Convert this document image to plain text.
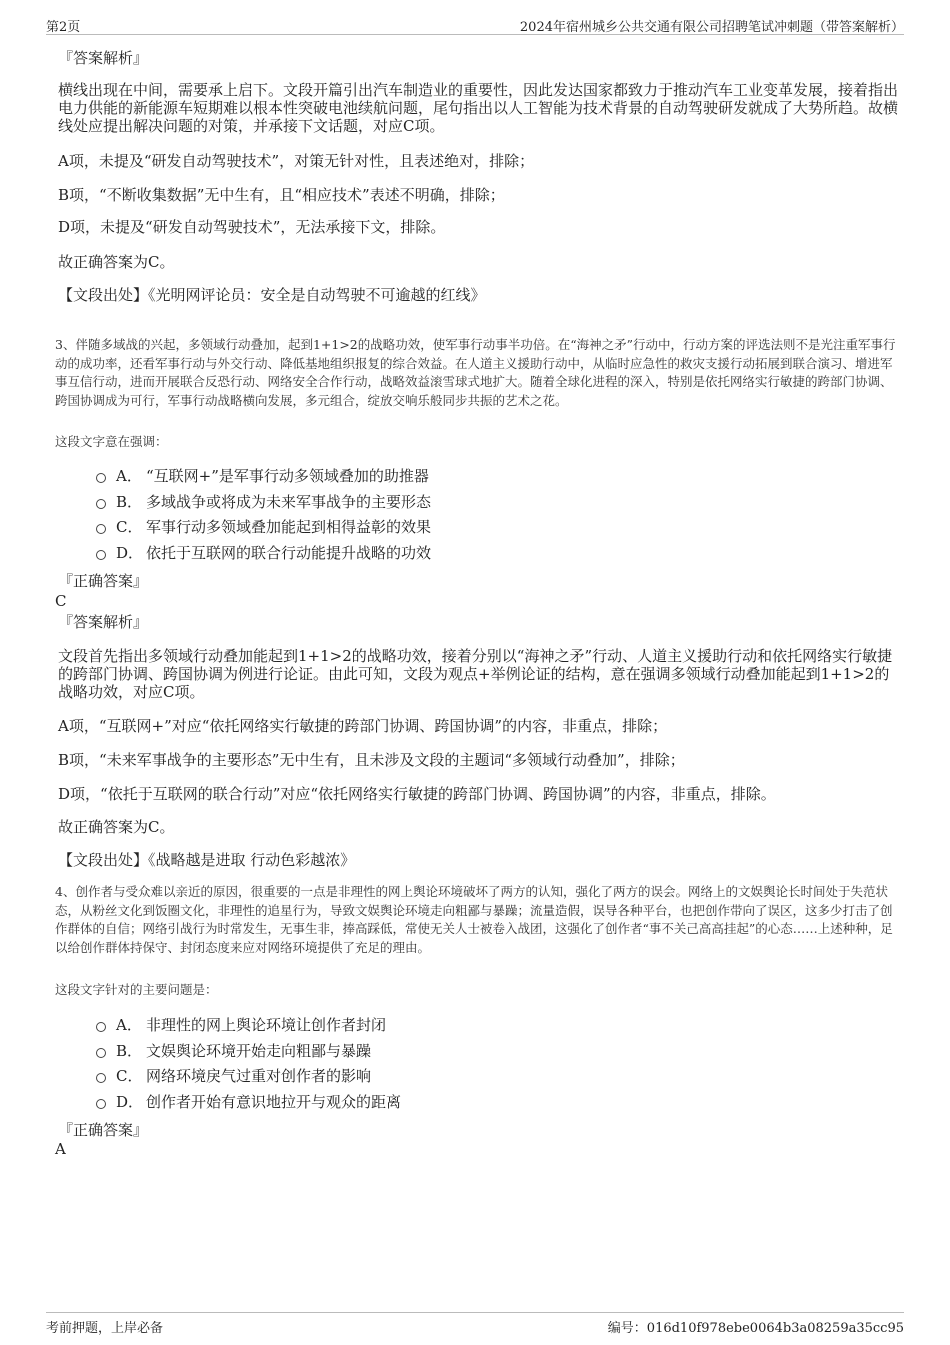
第2页	2024年宿州城乡公共交通有限公司招聘笔试冲刺题（带答案解析）
『答案解析』
横线出现在中间，需要承上启下。文段开篇引出汽车制造业的重要性，因此发达国家都致力于推动汽车工业变革发展，接着指出电力供能的新能源车短期难以根本性突破电池续航问题，尾句指出以人工智能为技术背景的自动驾驶研发就成了大势所趋。故横线处应提出解决问题的对策，并承接下文话题，对应C项。
A项，未提及“研发自动驾驶技术”，对策无针对性，且表述绝对，排除；
B项，“不断收集数据”无中生有，且“相应技术”表述不明确，排除；
D项，未提及“研发自动驾驶技术”，无法承接下文，排除。
故正确答案为C。
【文段出处】《光明网评论员：安全是自动驾驶不可逾越的红线》
3、伴随多域战的兴起，多领域行动叠加，起到1+1>2的战略功效，使军事行动事半功倍。在“海神之矛”行动中，行动方案的评选法则不是光注重军事行动的成功率，还看军事行动与外交行动、降低基地组织报复的综合效益。在人道主义援助行动中，从临时应急性的救灾支援行动拓展到联合演习、增进军事互信行动，进而开展联合反恐行动、网络安全合作行动，战略效益滚雪球式地扩大。随着全球化进程的深入，特别是依托网络实行敏捷的跨部门协调、跨国协调成为可行，军事行动战略横向发展，多元组合，绽放交响乐般同步共振的艺术之花。
这段文字意在强调：
A． “互联网+”是军事行动多领域叠加的助推器
B． 多域战争或将成为未来军事战争的主要形态
C． 军事行动多领域叠加能起到相得益彰的效果
D． 依托于互联网的联合行动能提升战略的功效
『正确答案』
C
『答案解析』
文段首先指出多领域行动叠加能起到1+1>2的战略功效，接着分别以“海神之矛”行动、人道主义援助行动和依托网络实行敏捷的跨部门协调、跨国协调为例进行论证。由此可知，文段为观点+举例论证的结构，意在强调多领域行动叠加能起到1+1>2的战略功效，对应C项。
A项，“互联网+”对应“依托网络实行敏捷的跨部门协调、跨国协调”的内容，非重点，排除；
B项，“未来军事战争的主要形态”无中生有，且未涉及文段的主题词“多领域行动叠加”，排除；
D项，“依托于互联网的联合行动”对应“依托网络实行敏捷的跨部门协调、跨国协调”的内容，非重点，排除。
故正确答案为C。
【文段出处】《战略越是进取 行动色彩越浓》
4、创作者与受众难以亲近的原因，很重要的一点是非理性的网上舆论环境破坏了两方的认知，强化了两方的误会。网络上的文娱舆论长时间处于失范状态，从粉丝文化到饭圈文化，非理性的追星行为，导致文娱舆论环境走向粗鄙与暴躁；流量造假，误导各种平台，也把创作带向了误区，这多少打击了创作群体的自信；网络引战行为时常发生，无事生非，捧高踩低，常使无关人士被卷入战团，这强化了创作者“事不关己高高挂起”的心态……上述种种，足以给创作群体持保守、封闭态度来应对网络环境提供了充足的理由。
这段文字针对的主要问题是：
A． 非理性的网上舆论环境让创作者封闭
B． 文娱舆论环境开始走向粗鄙与暴躁
C． 网络环境戾气过重对创作者的影响
D． 创作者开始有意识地拉开与观众的距离
『正确答案』
A
考前押题，上岸必备	编号：016d10f978ebe0064b3a08259a35cc95
